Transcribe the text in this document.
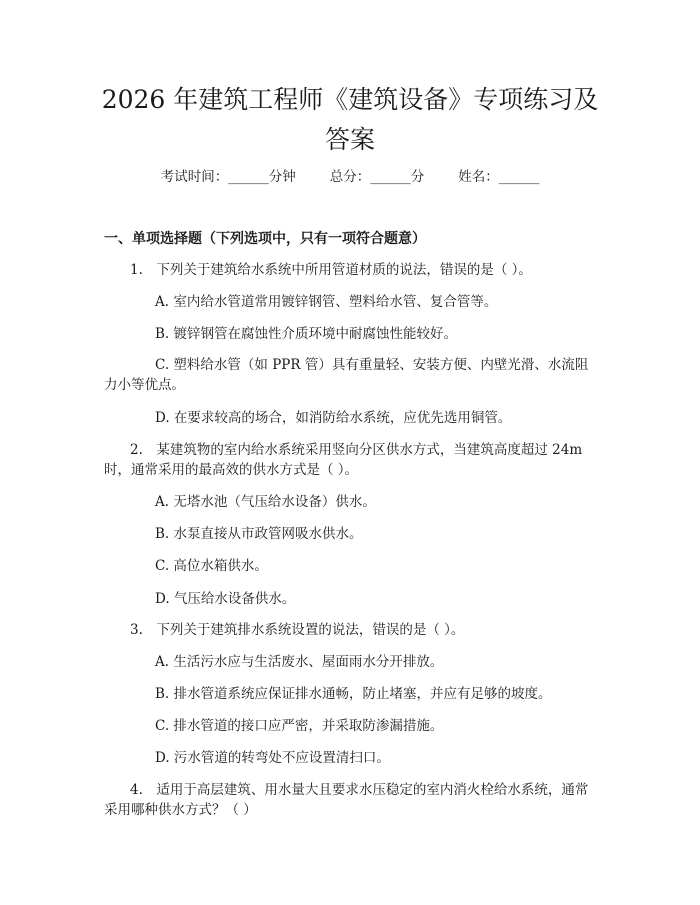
2026 年建筑工程师《建筑设备》专项练习及
答案
考试时间：______分钟	总分：______分	姓名：______
一、单项选择题（下列选项中，只有一项符合题意）
1.　下列关于建筑给水系统中所用管道材质的说法，错误的是（ ）。
A. 室内给水管道常用镀锌钢管、塑料给水管、复合管等。
B. 镀锌钢管在腐蚀性介质环境中耐腐蚀性能较好。
C. 塑料给水管（如 PPR 管）具有重量轻、安装方便、内壁光滑、水流阻
力小等优点。
D. 在要求较高的场合，如消防给水系统，应优先选用铜管。
2.　某建筑物的室内给水系统采用竖向分区供水方式，当建筑高度超过 24m
时，通常采用的最高效的供水方式是（ ）。
A. 无塔水池（气压给水设备）供水。
B. 水泵直接从市政管网吸水供水。
C. 高位水箱供水。
D. 气压给水设备供水。
3.　下列关于建筑排水系统设置的说法，错误的是（ ）。
A. 生活污水应与生活废水、屋面雨水分开排放。
B. 排水管道系统应保证排水通畅，防止堵塞，并应有足够的坡度。
C. 排水管道的接口应严密，并采取防渗漏措施。
D. 污水管道的转弯处不应设置清扫口。
4.　适用于高层建筑、用水量大且要求水压稳定的室内消火栓给水系统，通常
采用哪种供水方式？（ ）
